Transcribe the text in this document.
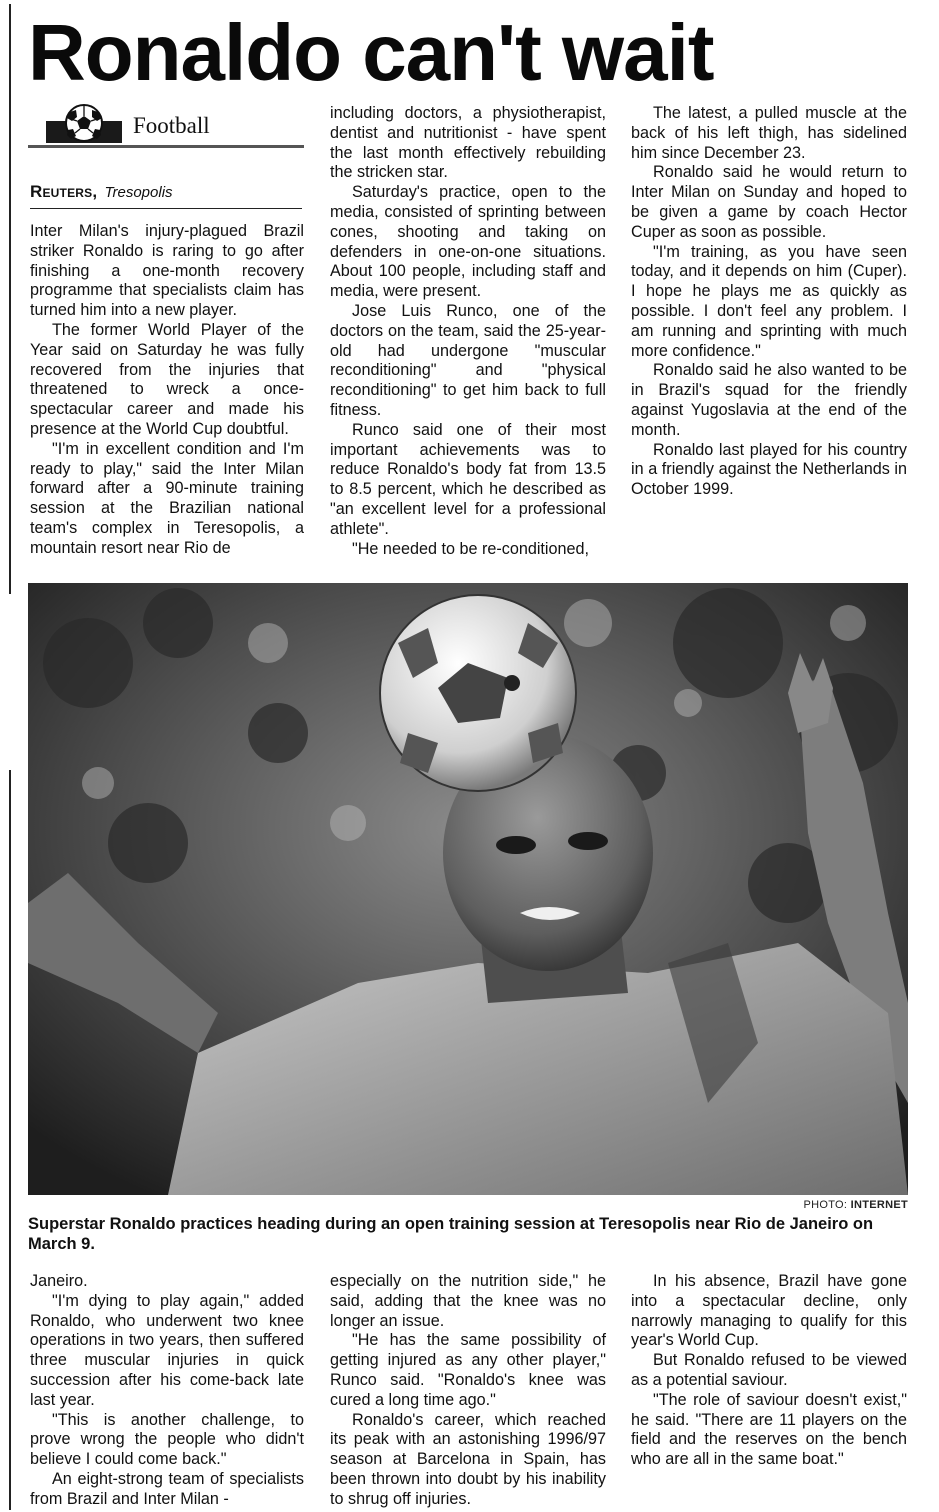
Ronaldo can't wait
Football
Reuters, Tresopolis

Inter Milan's injury-plagued Brazil striker Ronaldo is raring to go after finishing a one-month recovery programme that specialists claim has turned him into a new player.

The former World Player of the Year said on Saturday he was fully recovered from the injuries that threatened to wreck a once-spectacular career and made his presence at the World Cup doubtful.

"I'm in excellent condition and I'm ready to play," said the Inter Milan forward after a 90-minute training session at the Brazilian national team's complex in Teresopolis, a mountain resort near Rio de

including doctors, a physiotherapist, dentist and nutritionist - have spent the last month effectively rebuilding the stricken star.

Saturday's practice, open to the media, consisted of sprinting between cones, shooting and taking on defenders in one-on-one situations. About 100 people, including staff and media, were present.

Jose Luis Runco, one of the doctors on the team, said the 25-year-old had undergone "muscular reconditioning" and "physical reconditioning" to get him back to full fitness.

Runco said one of their most important achievements was to reduce Ronaldo's body fat from 13.5 to 8.5 percent, which he described as "an excellent level for a professional athlete".

"He needed to be re-conditioned,

The latest, a pulled muscle at the back of his left thigh, has sidelined him since December 23.

Ronaldo said he would return to Inter Milan on Sunday and hoped to be given a game by coach Hector Cuper as soon as possible.

"I'm training, as you have seen today, and it depends on him (Cuper). I hope he plays me as quickly as possible. I don't feel any problem. I am running and sprinting with much more confidence."

Ronaldo said he also wanted to be in Brazil's squad for the friendly against Yugoslavia at the end of the month.

Ronaldo last played for his country in a friendly against the Netherlands in October 1999.

PHOTO: INTERNET
Superstar Ronaldo practices heading during an open training session at Teresopolis near Rio de Janeiro on March 9.

Janeiro.

"I'm dying to play again," added Ronaldo, who underwent two knee operations in two years, then suffered three muscular injuries in quick succession after his come-back late last year.

"This is another challenge, to prove wrong the people who didn't believe I could come back."

An eight-strong team of specialists from Brazil and Inter Milan -

especially on the nutrition side," he said, adding that the knee was no longer an issue.

"He has the same possibility of getting injured as any other player," Runco said. "Ronaldo's knee was cured a long time ago."

Ronaldo's career, which reached its peak with an astonishing 1996/97 season at Barcelona in Spain, has been thrown into doubt by his inability to shrug off injuries.

In his absence, Brazil have gone into a spectacular decline, only narrowly managing to qualify for this year's World Cup.

But Ronaldo refused to be viewed as a potential saviour.

"The role of saviour doesn't exist," he said. "There are 11 players on the field and the reserves on the bench who are all in the same boat."
